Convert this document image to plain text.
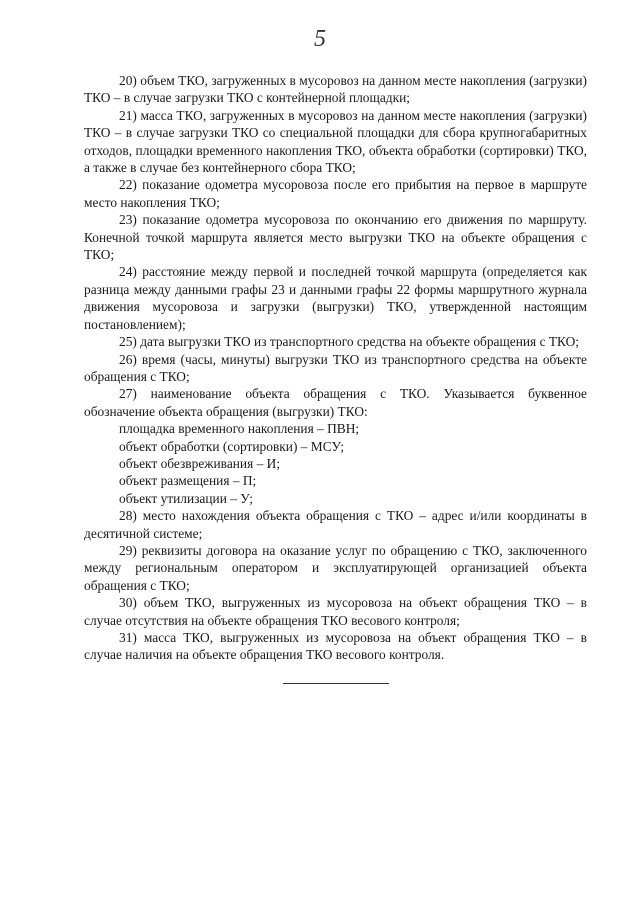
5

20) объем ТКО, загруженных в мусоровоз на данном месте накопления (загрузки) ТКО – в случае загрузки ТКО с контейнерной площадки;

21) масса ТКО, загруженных в мусоровоз на данном месте накопления (загрузки) ТКО – в случае загрузки ТКО со специальной площадки для сбора крупногабаритных отходов, площадки временного накопления ТКО, объекта обработки (сортировки) ТКО, а также в случае без контейнерного сбора ТКО;

22) показание одометра мусоровоза после его прибытия на первое в маршруте место накопления ТКО;

23) показание одометра мусоровоза по окончанию его движения по маршруту. Конечной точкой маршрута является место выгрузки ТКО на объекте обращения с ТКО;

24) расстояние между первой и последней точкой маршрута (определяется как разница между данными графы 23 и данными графы 22 формы маршрутного журнала движения мусоровоза и загрузки (выгрузки) ТКО, утвержденной настоящим постановлением);

25) дата выгрузки ТКО из транспортного средства на объекте обращения с ТКО;

26) время (часы, минуты) выгрузки ТКО из транспортного средства на объекте обращения с ТКО;

27) наименование объекта обращения с ТКО. Указывается буквенное обозначение объекта обращения (выгрузки) ТКО:

площадка временного накопления – ПВН;
объект обработки (сортировки) – МСУ;
объект обезвреживания – И;
объект размещения – П;
объект утилизации – У;

28) место нахождения объекта обращения с ТКО – адрес и/или координаты в десятичной системе;

29) реквизиты договора на оказание услуг по обращению с ТКО, заключенного между региональным оператором и эксплуатирующей организацией объекта обращения с ТКО;

30) объем ТКО, выгруженных из мусоровоза на объект обращения ТКО – в случае отсутствия на объекте обращения ТКО весового контроля;

31) масса ТКО, выгруженных из мусоровоза на объект обращения ТКО – в случае наличия на объекте обращения ТКО весового контроля.
